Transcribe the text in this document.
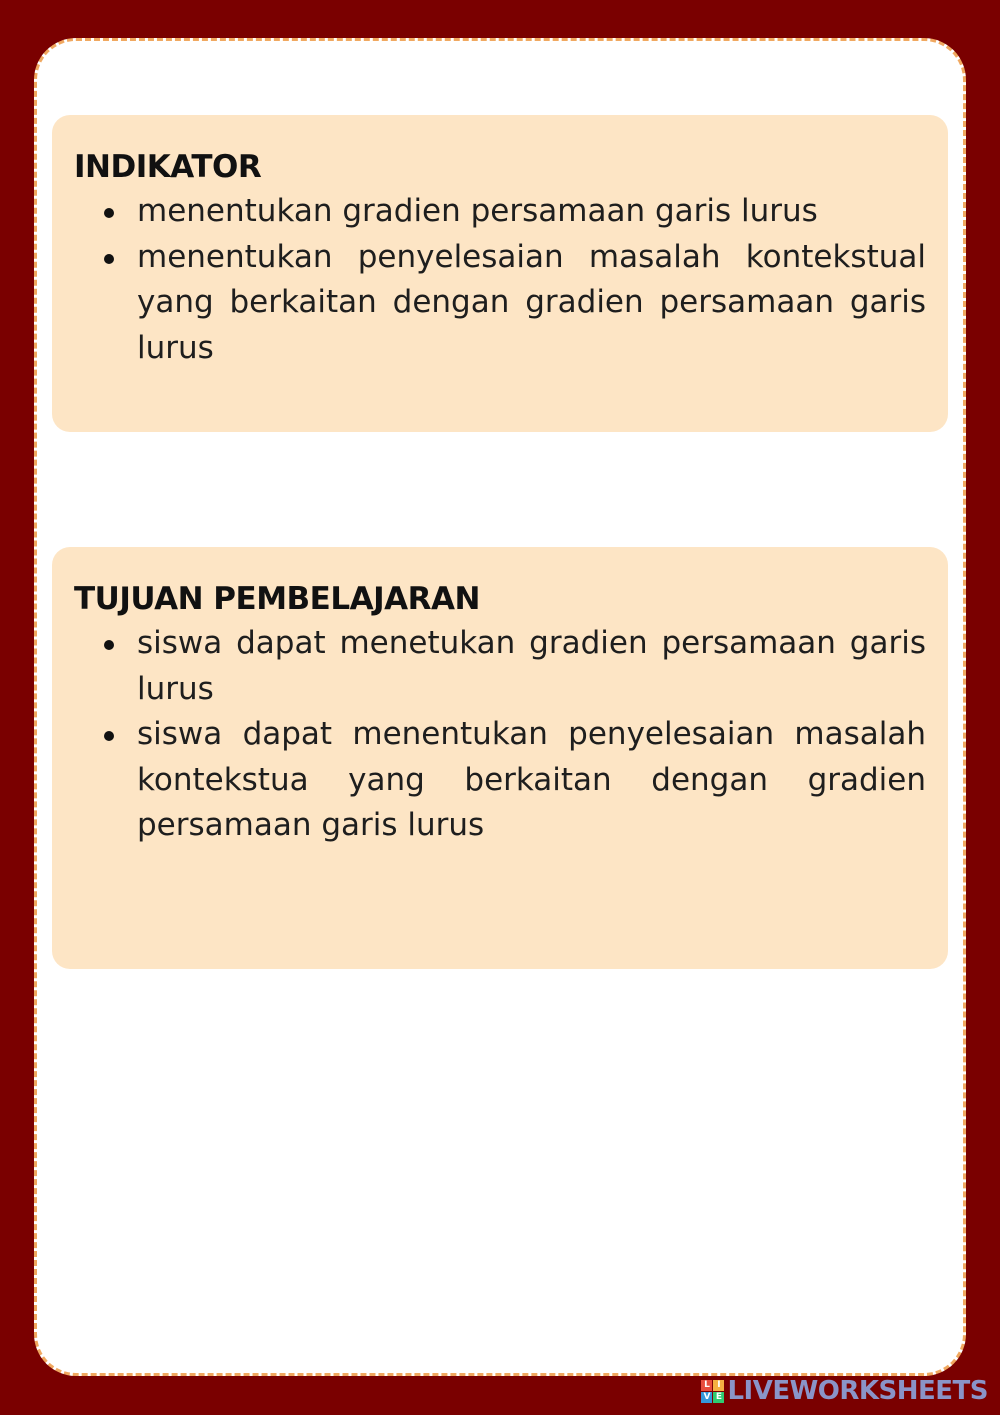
INDIKATOR
menentukan gradien persamaan garis lurus
menentukan penyelesaian masalah kontekstual yang berkaitan dengan gradien persamaan garis lurus
TUJUAN PEMBELAJARAN
siswa dapat menetukan gradien persamaan garis lurus
siswa dapat menentukan penyelesaian masalah kontekstua yang berkaitan dengan gradien persamaan garis lurus
L I
V E LIVEWORKSHEETS
